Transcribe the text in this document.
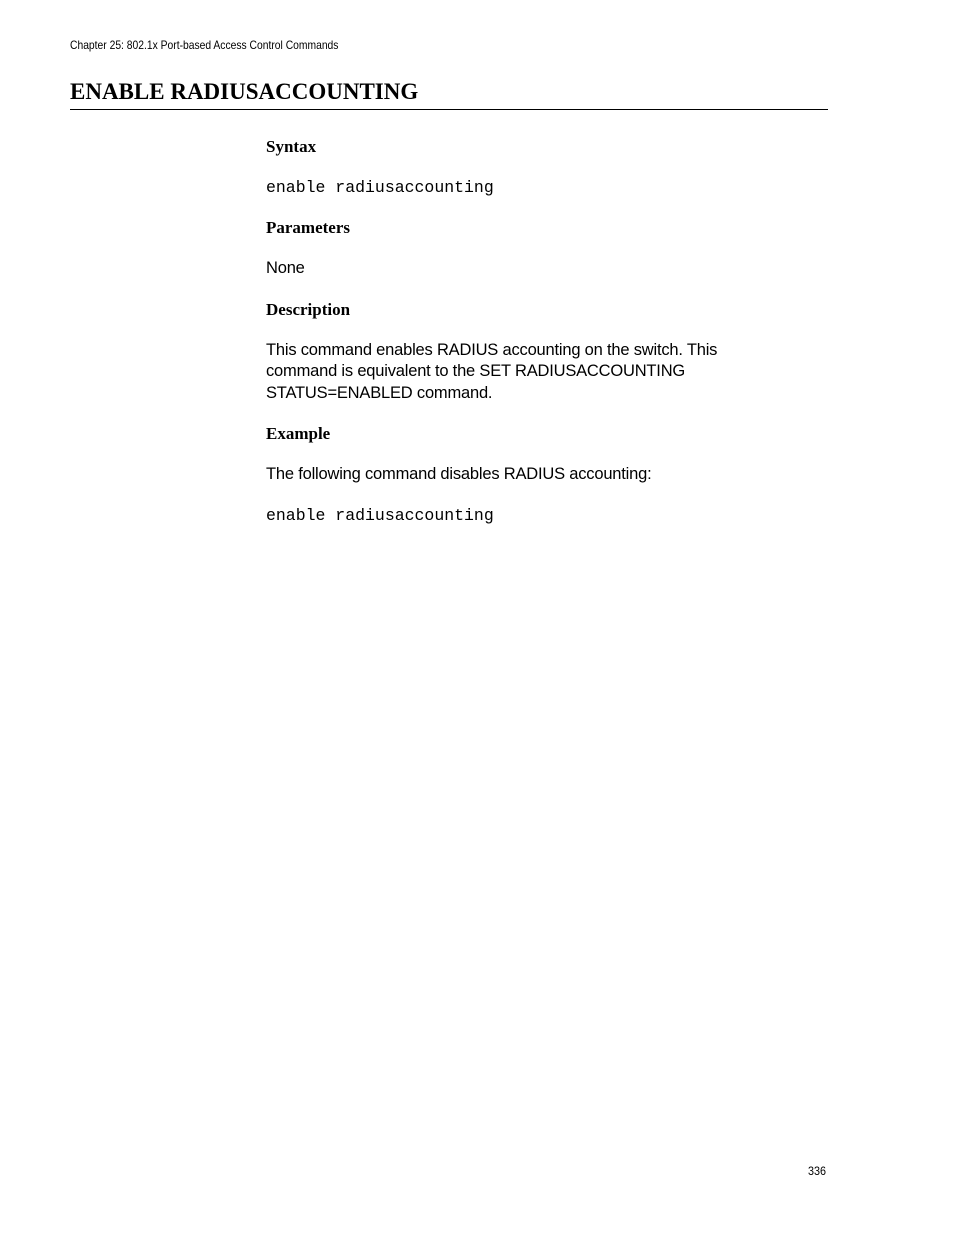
Chapter 25: 802.1x Port-based Access Control Commands
ENABLE RADIUSACCOUNTING
Syntax
enable radiusaccounting
Parameters

None

Description
This command enables RADIUS accounting on the switch. This
command is equivalent to the SET RADIUSACCOUNTING
STATUS=ENABLED command.
Example

The following command disables RADIUS accounting:

enable radiusaccounting
336
